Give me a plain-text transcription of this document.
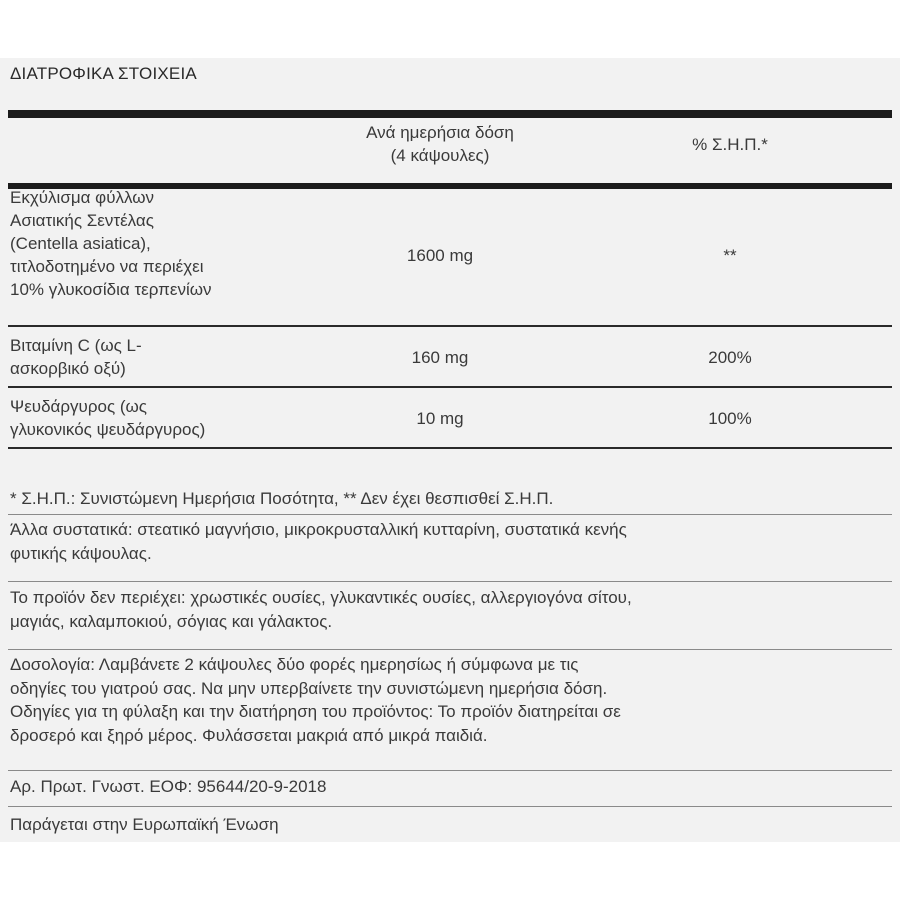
ΔΙΑΤΡΟΦΙΚΑ ΣΤΟΙΧΕΙΑ
Ανά ημερήσια δόση
(4 κάψουλες)
% Σ.Η.Π.*
Εκχύλισμα φύλλων
Ασιατικής Σεντέλας
(Centella asiatica),
τιτλοδοτημένο να περιέχει
10% γλυκοσίδια τερπενίων
1600 mg	**
Βιταμίνη C (ως L-
ασκορβικό οξύ)
160 mg	200%
Ψευδάργυρος (ως
γλυκονικός ψευδάργυρος)
10 mg	100%
* Σ.Η.Π.: Συνιστώμενη Ημερήσια Ποσότητα, ** Δεν έχει θεσπισθεί Σ.Η.Π.
Άλλα συστατικά: στεατικό μαγνήσιο, μικροκρυσταλλική κυτταρίνη, συστατικά κενής
φυτικής κάψουλας.
Το προϊόν δεν περιέχει: χρωστικές ουσίες, γλυκαντικές ουσίες, αλλεργιογόνα σίτου,
μαγιάς, καλαμποκιού, σόγιας και γάλακτος.
Δοσολογία: Λαμβάνετε 2 κάψουλες δύο φορές ημερησίως ή σύμφωνα με τις
οδηγίες του γιατρού σας. Να μην υπερβαίνετε την συνιστώμενη ημερήσια δόση.
Οδηγίες για τη φύλαξη και την διατήρηση του προϊόντος: Το προϊόν διατηρείται σε
δροσερό και ξηρό μέρος. Φυλάσσεται μακριά από μικρά παιδιά.
Αρ. Πρωτ. Γνωστ. ΕΟΦ: 95644/20-9-2018
Παράγεται στην Ευρωπαϊκή Ένωση
